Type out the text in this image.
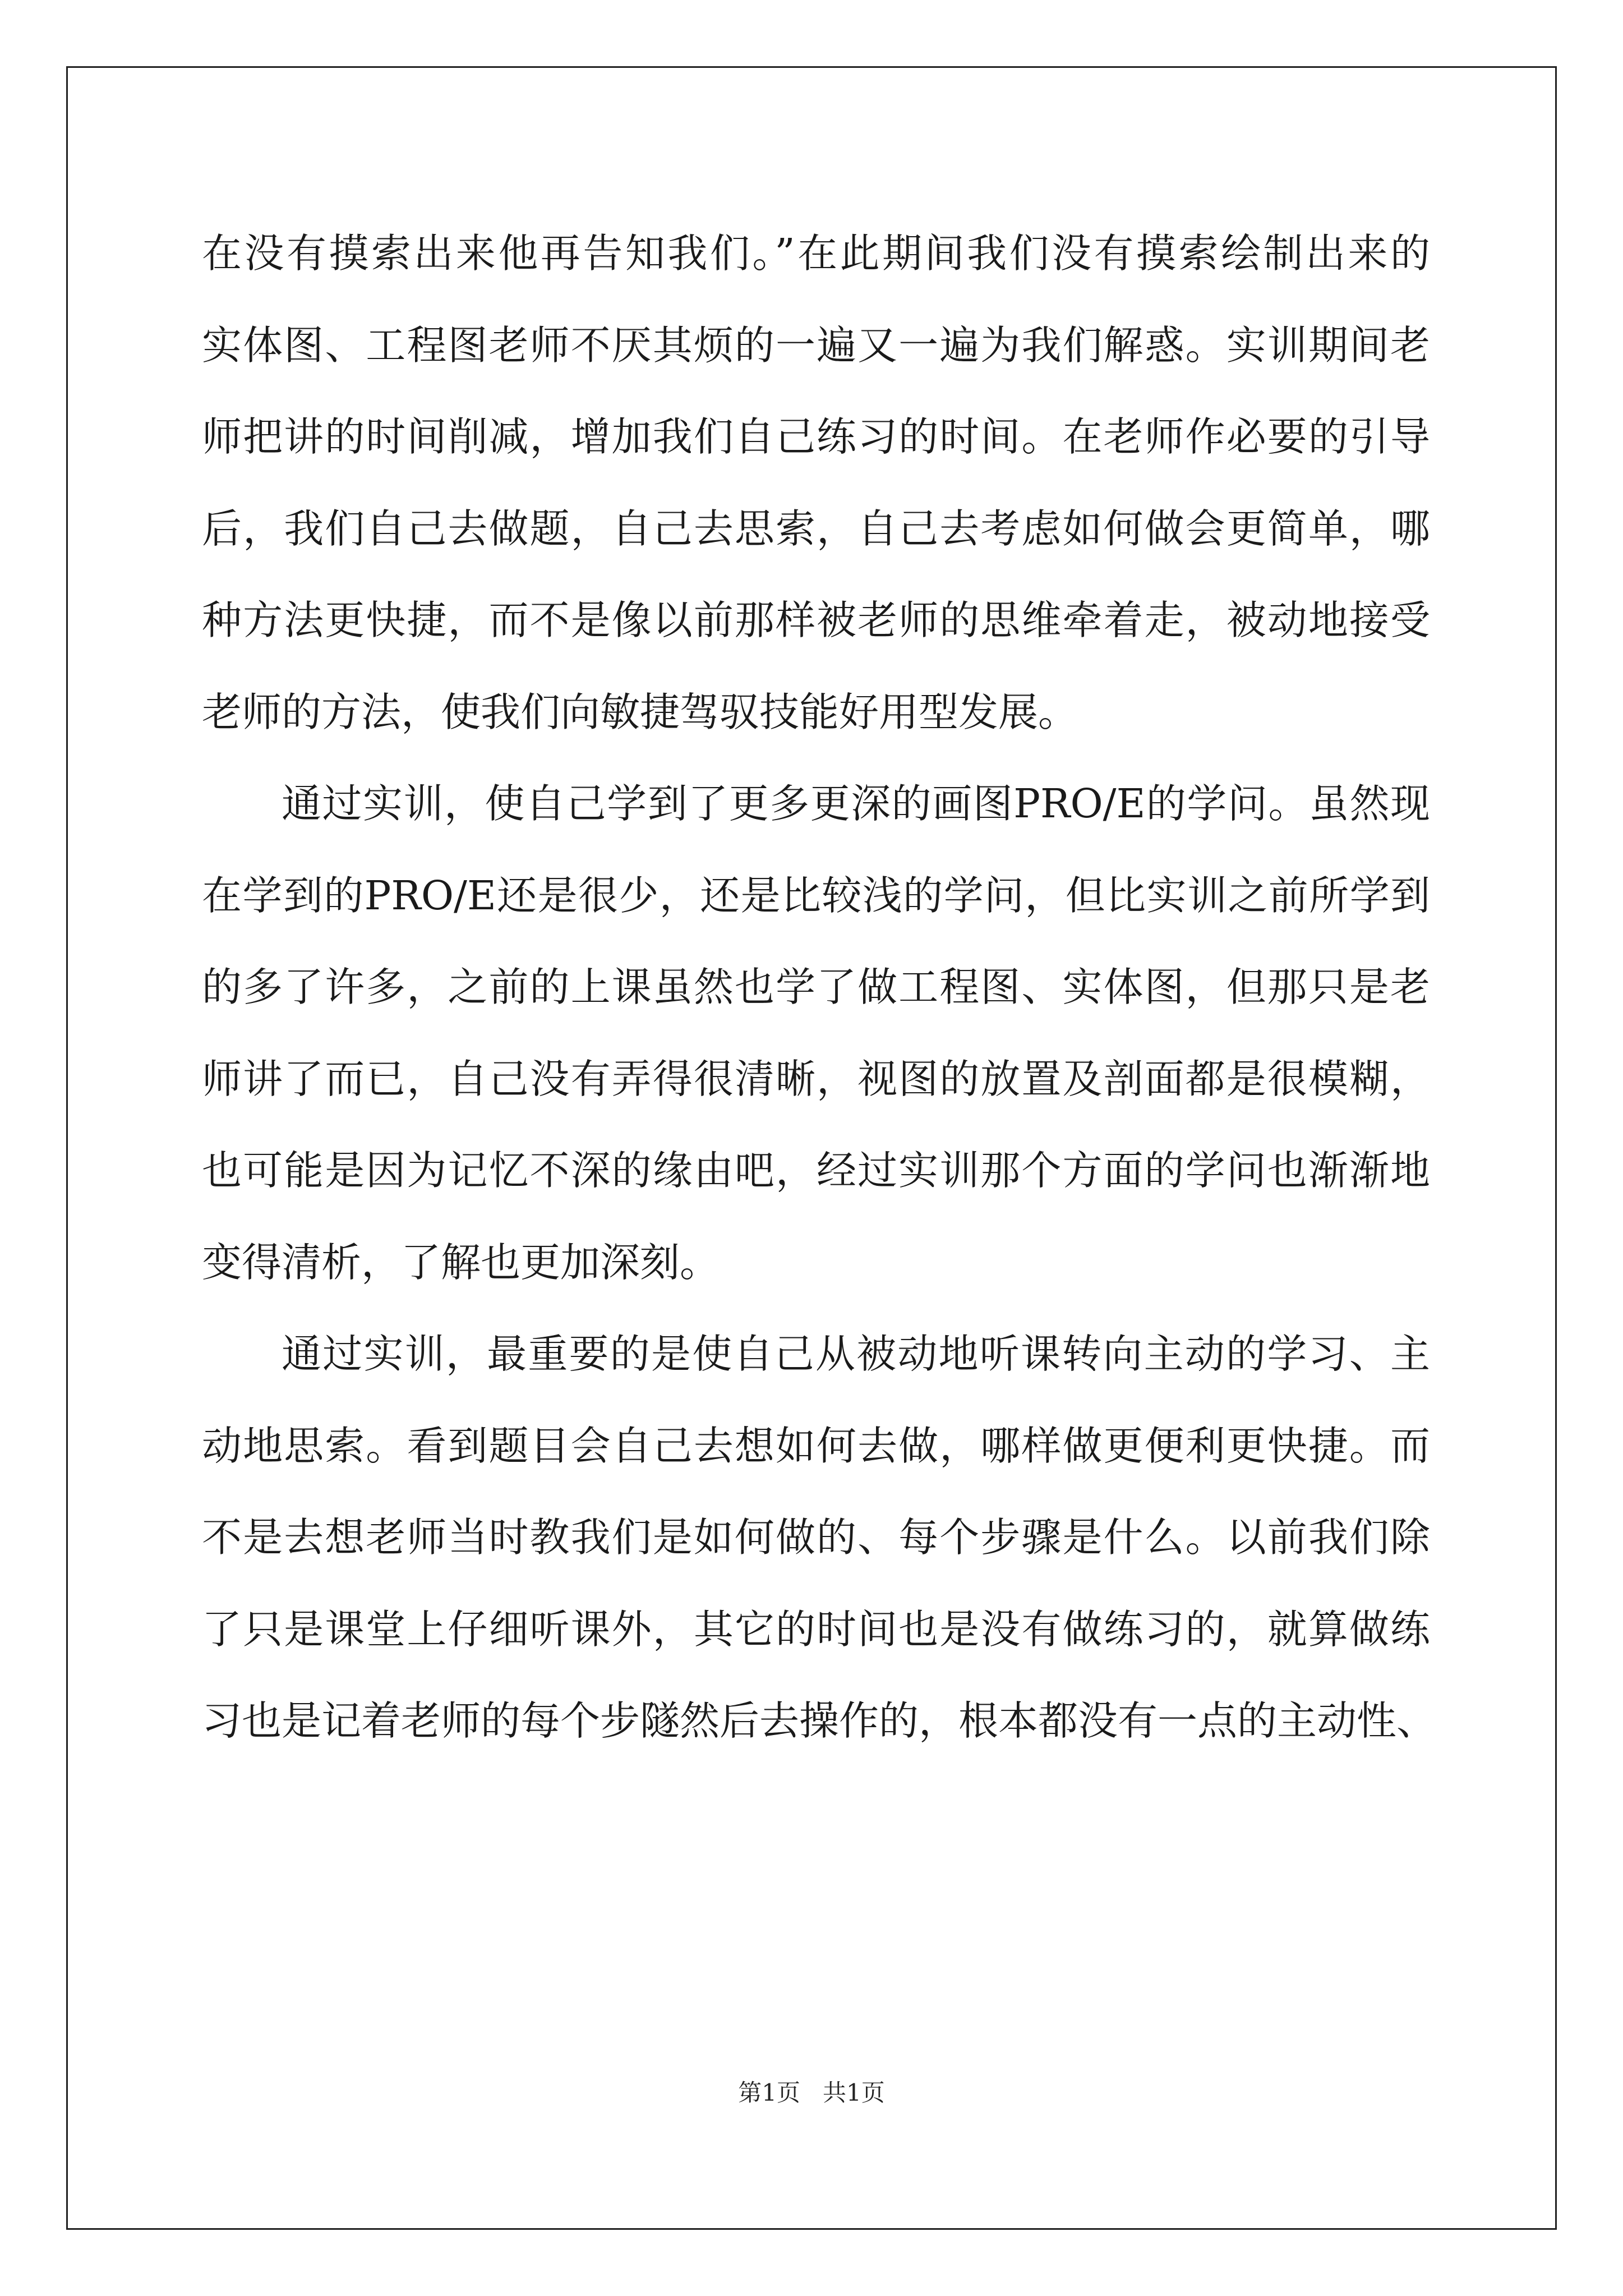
在没有摸索出来他再告知我们。”在此期间我们没有摸索绘制出来的
实体图、工程图老师不厌其烦的一遍又一遍为我们解惑。实训期间老
师把讲的时间削减，增加我们自己练习的时间。在老师作必要的引导
后，我们自己去做题，自己去思索，自己去考虑如何做会更简单，哪
种方法更快捷，而不是像以前那样被老师的思维牵着走，被动地接受
老师的方法，使我们向敏捷驾驭技能好用型发展。
通过实训，使自己学到了更多更深的画图PRO/E的学问。虽然现
在学到的PRO/E还是很少，还是比较浅的学问，但比实训之前所学到
的多了许多，之前的上课虽然也学了做工程图、实体图，但那只是老
师讲了而已，自己没有弄得很清晰，视图的放置及剖面都是很模糊，
也可能是因为记忆不深的缘由吧，经过实训那个方面的学问也渐渐地
变得清析，了解也更加深刻。
通过实训，最重要的是使自己从被动地听课转向主动的学习、主
动地思索。看到题目会自己去想如何去做，哪样做更便利更快捷。而
不是去想老师当时教我们是如何做的、每个步骤是什么。以前我们除
了只是课堂上仔细听课外，其它的时间也是没有做练习的，就算做练
习也是记着老师的每个步隧然后去操作的，根本都没有一点的主动性、
第1页   共1页
